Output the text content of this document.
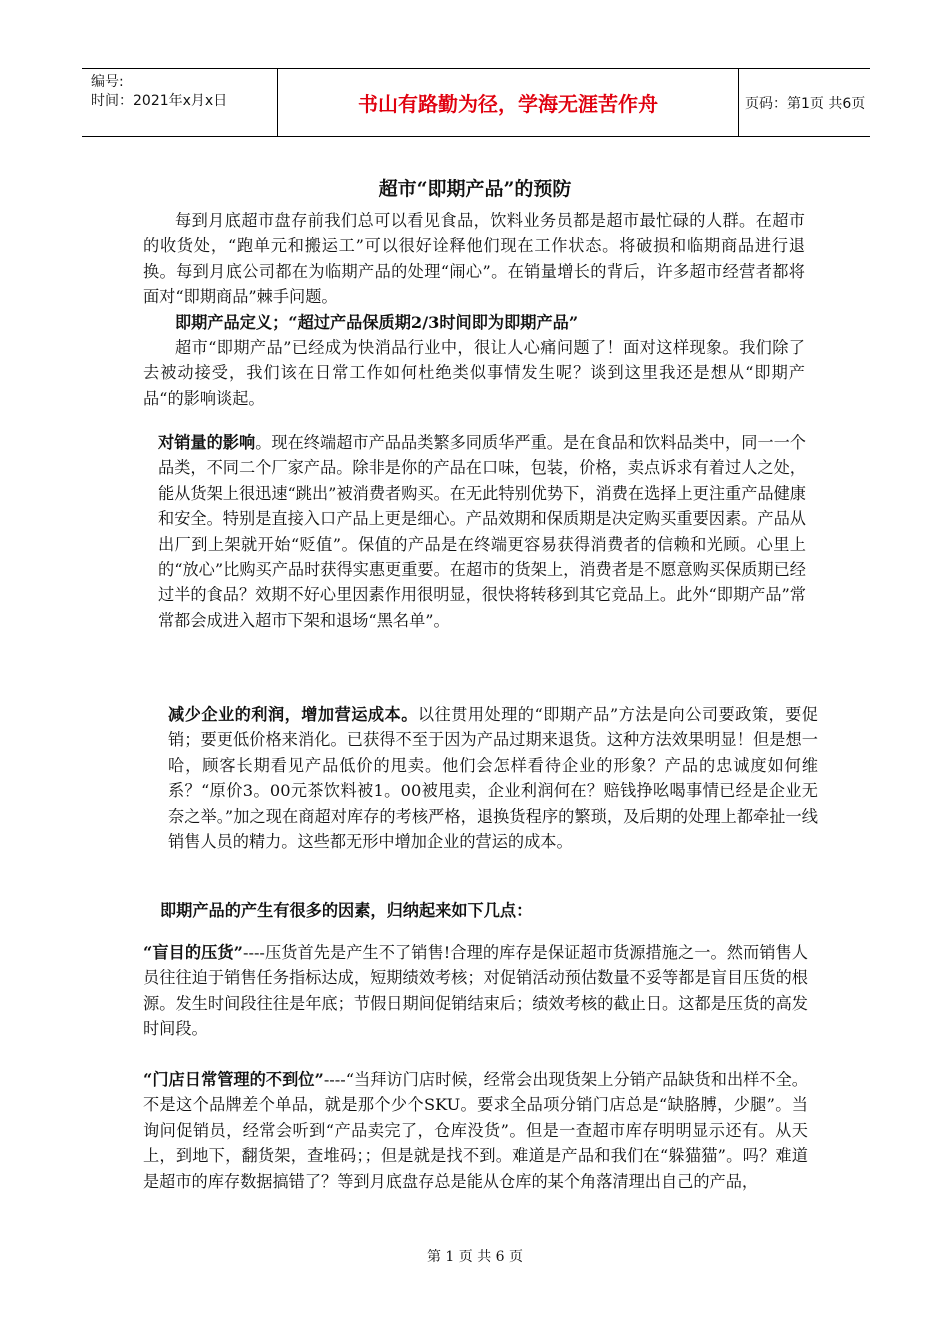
编号:
时间：2021年x月x日	书山有路勤为径，学海无涯苦作舟	页码：第1页 共6页
超市“即期产品”的预防
每到月底超市盘存前我们总可以看见食品，饮料业务员都是超市最忙碌的人群。在超市的收货处，“跑单元和搬运工”可以很好诠释他们现在工作状态。将破损和临期商品进行退换。每到月底公司都在为临期产品的处理“闹心”。在销量增长的背后，许多超市经营者都将面对“即期商品”棘手问题。
即期产品定义；“超过产品保质期2/3时间即为即期产品”
超市“即期产品”已经成为快消品行业中，很让人心痛问题了！面对这样现象。我们除了去被动接受，我们该在日常工作如何杜绝类似事情发生呢？谈到这里我还是想从“即期产品“的影响谈起。
对销量的影响。现在终端超市产品品类繁多同质华严重。是在食品和饮料品类中，同一一个品类，不同二个厂家产品。除非是你的产品在口味，包装，价格，卖点诉求有着过人之处，能从货架上很迅速“跳出”被消费者购买。在无此特别优势下，消费在选择上更注重产品健康和安全。特别是直接入口产品上更是细心。产品效期和保质期是决定购买重要因素。产品从出厂到上架就开始“贬值”。保值的产品是在终端更容易获得消费者的信赖和光顾。心里上的“放心”比购买产品时获得实惠更重要。在超市的货架上，消费者是不愿意购买保质期已经过半的食品？效期不好心里因素作用很明显，很快将转移到其它竞品上。此外“即期产品”常常都会成进入超市下架和退场“黑名单”。
减少企业的利润，增加营运成本。以往贯用处理的“即期产品”方法是向公司要政策，要促销；要更低价格来消化。已获得不至于因为产品过期来退货。这种方法效果明显！但是想一哈，顾客长期看见产品低价的甩卖。他们会怎样看待企业的形象？产品的忠诚度如何维系？“原价3。00元茶饮料被1。00被甩卖，企业利润何在？赔钱挣吆喝事情已经是企业无奈之举。”加之现在商超对库存的考核严格，退换货程序的繁琐，及后期的处理上都牵扯一线销售人员的精力。这些都无形中增加企业的营运的成本。
即期产品的产生有很多的因素，归纳起来如下几点：
“盲目的压货”----压货首先是产生不了销售!合理的库存是保证超市货源措施之一。然而销售人员往往迫于销售任务指标达成，短期绩效考核；对促销活动预估数量不妥等都是盲目压货的根源。发生时间段往往是年底；节假日期间促销结束后；绩效考核的截止日。这都是压货的高发时间段。
“门店日常管理的不到位”----“当拜访门店时候，经常会出现货架上分销产品缺货和出样不全。不是这个品牌差个单品，就是那个少个SKU。要求全品项分销门店总是“缺胳膊，少腿”。当询问促销员，经常会听到“产品卖完了，仓库没货”。但是一查超市库存明明显示还有。从天上，到地下，翻货架，查堆码；；但是就是找不到。难道是产品和我们在“躲猫猫”。吗？难道是超市的库存数据搞错了？等到月底盘存总是能从仓库的某个角落清理出自己的产品，
第 1 页 共 6 页
